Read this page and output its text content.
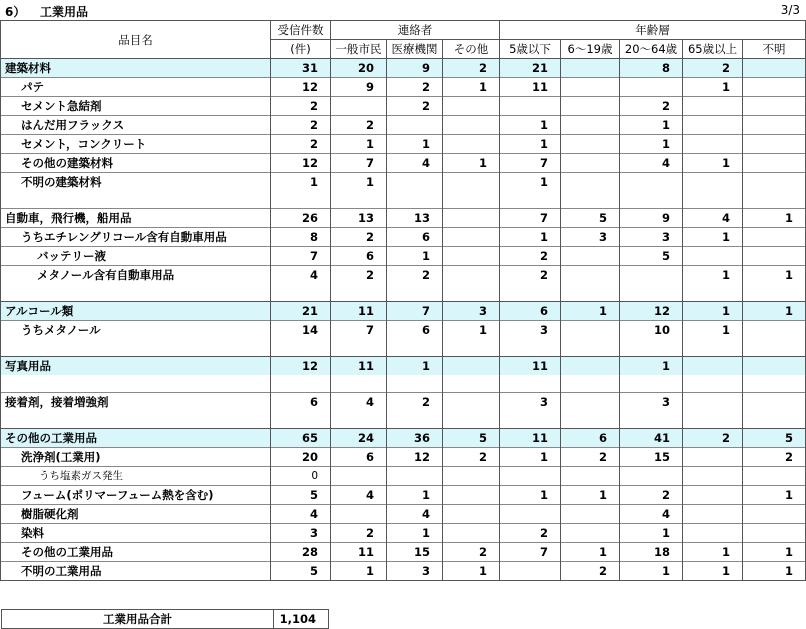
6） 工業用品	3/3
品目名	受信件数	連絡者			年齢層				
	(件)	一般市民	医療機関	その他	5歳以下	6～19歳	20～64歳	65歳以上	不明
建築材料	31	20	9	2	21		8	2	
パテ	12	9	2	1	11			1	
セメント急結剤	2		2				2		
はんだ用フラックス	2	2			1		1		
セメント，コンクリート	2	1	1		1		1		
その他の建築材料	12	7	4	1	7		4	1	
不明の建築材料	1	1			1				

自動車，飛行機，船用品	26	13	13		7	5	9	4	1
うちエチレングリコール含有自動車用品	8	2	6		1	3	3	1	
バッテリー液	7	6	1		2		5		
メタノール含有自動車用品	4	2	2		2			1	1

アルコール類	21	11	7	3	6	1	12	1	1
うちメタノール	14	7	6	1	3		10	1	

写真用品	12	11	1		11		1		

接着剤，接着増強剤	6	4	2		3		3		

その他の工業用品	65	24	36	5	11	6	41	2	5
洗浄剤(工業用)	20	6	12	2	1	2	15		2
うち塩素ガス発生	0								
フューム(ポリマーフューム熱を含む)	5	4	1		1	1	2		1
樹脂硬化剤	4		4				4		
染料	3	2	1		2		1		
その他の工業用品	28	11	15	2	7	1	18	1	1
不明の工業用品	5	1	3	1		2	1	1	1
工業用品合計	1,104
